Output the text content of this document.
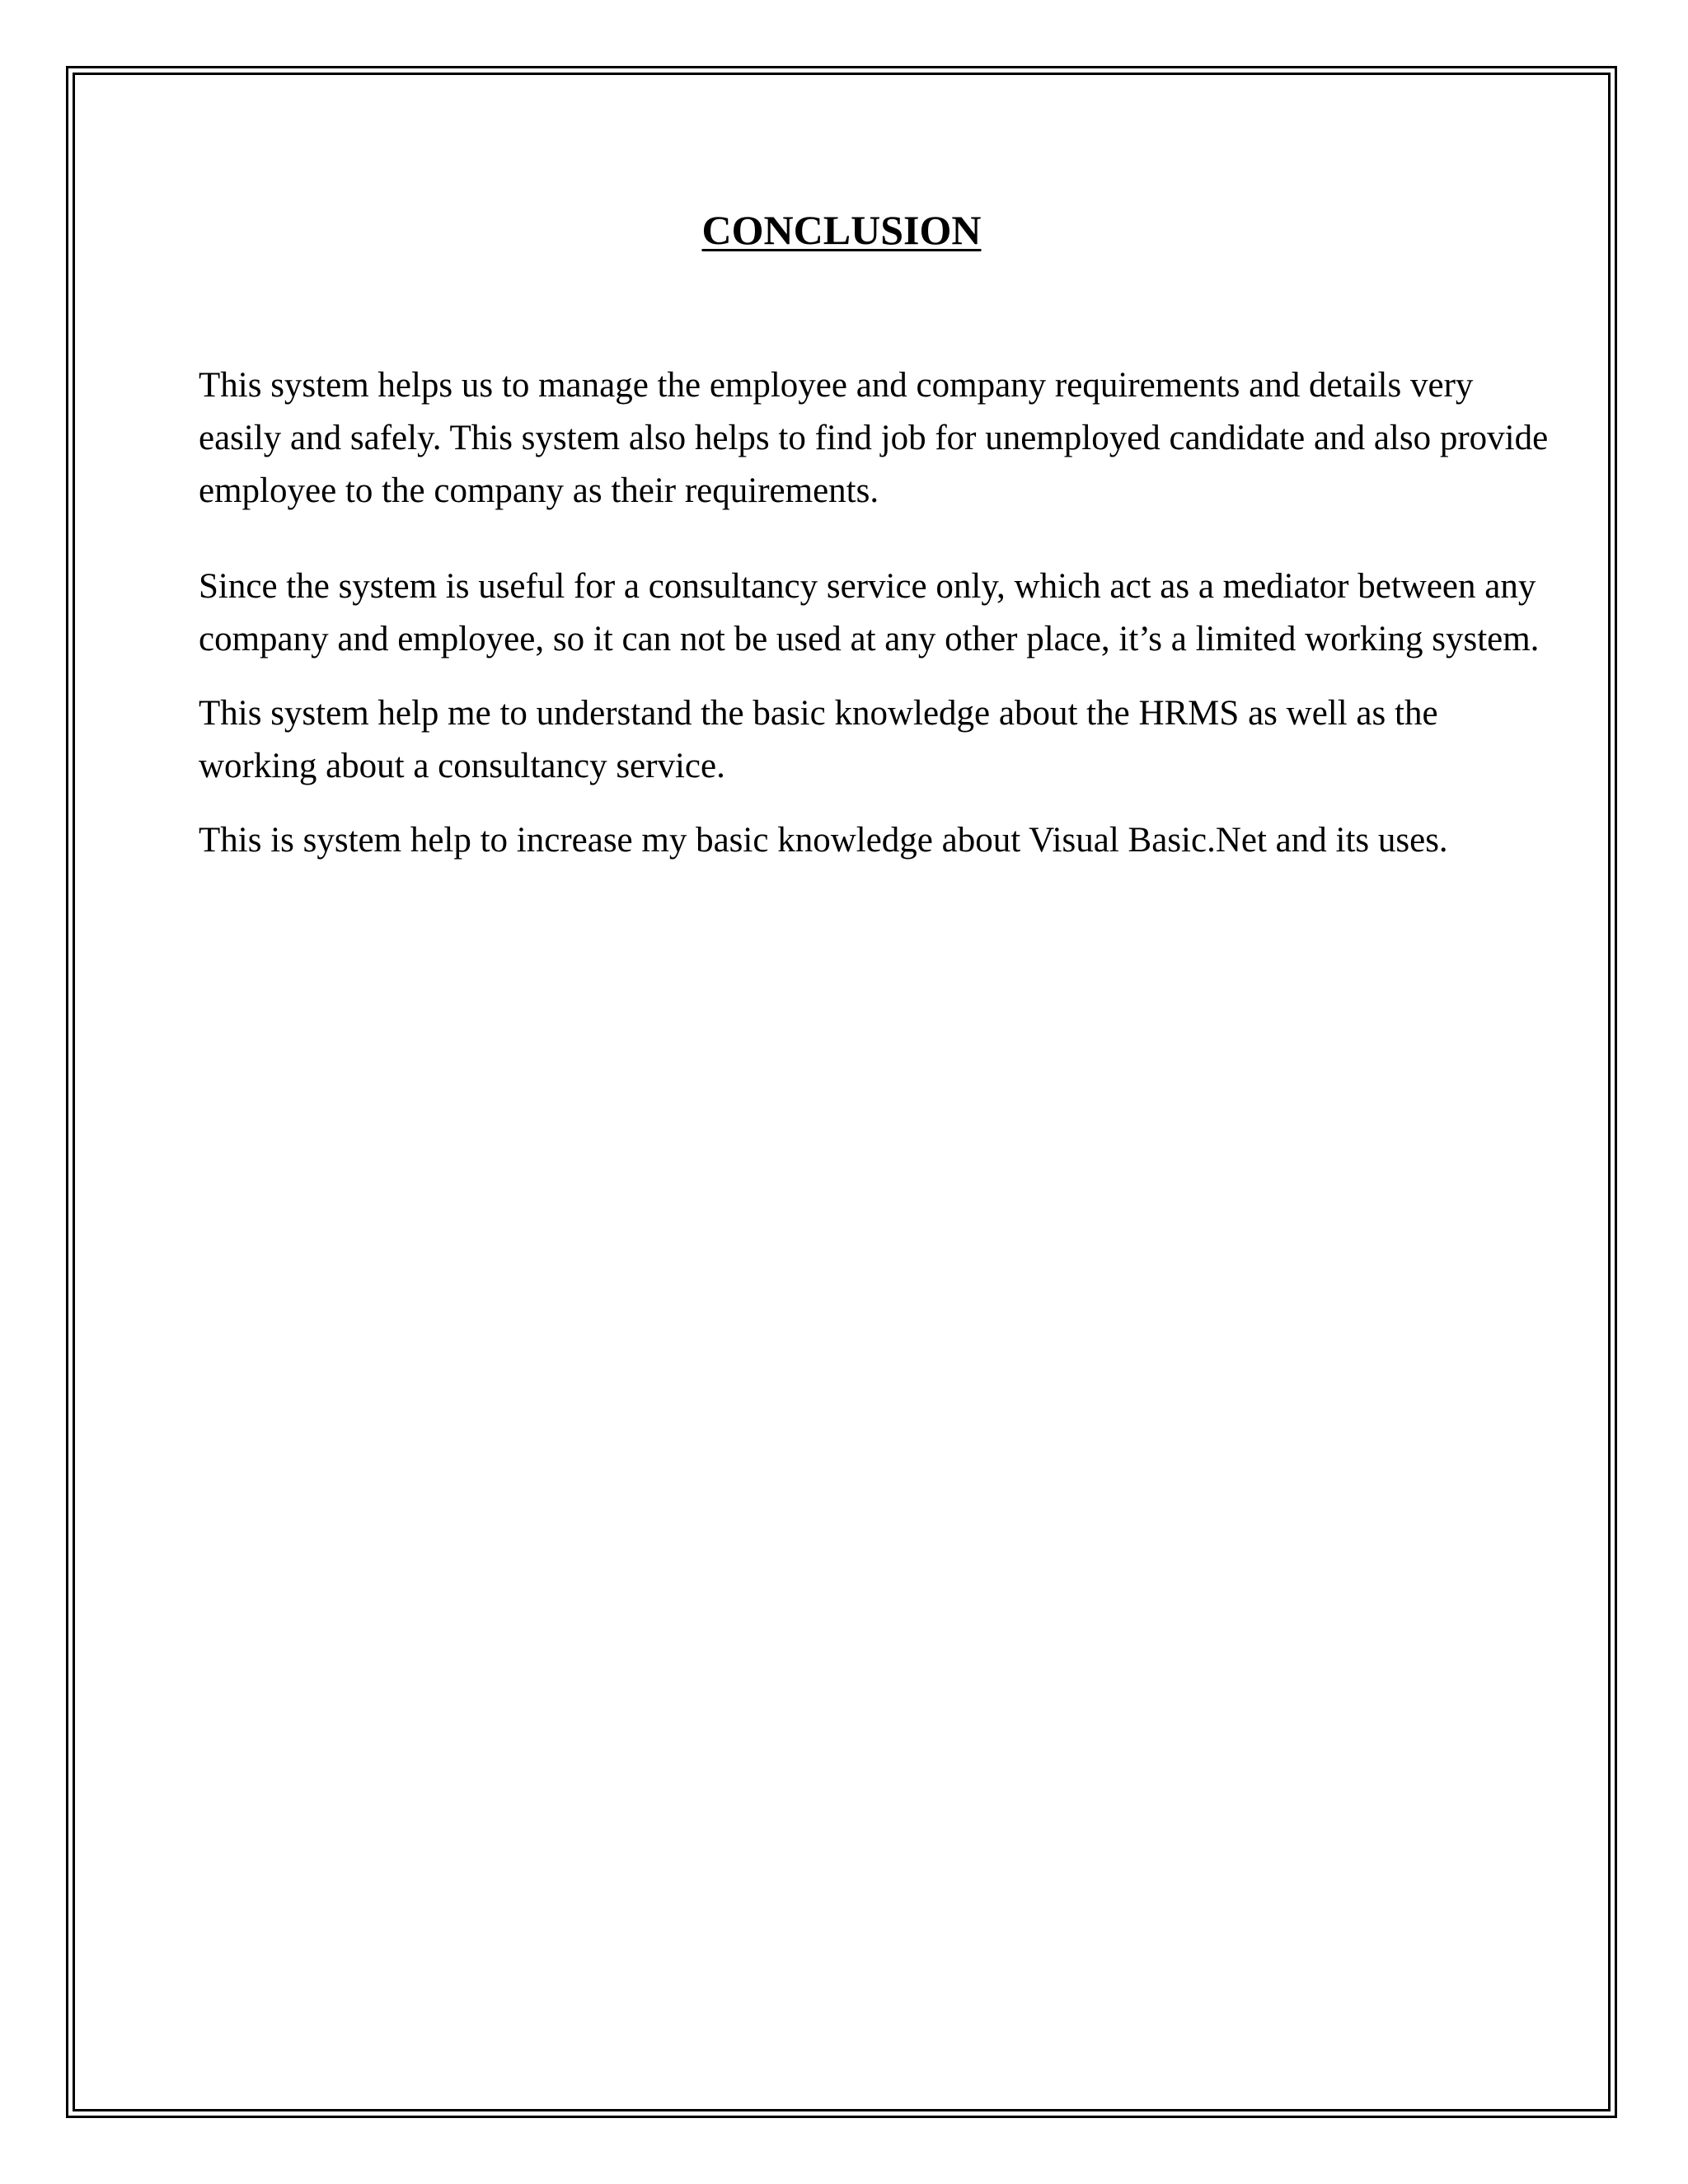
CONCLUSION

This system helps us to manage the employee and company requirements and details very easily and safely. This system also helps to find job for unemployed candidate and also provide employee to the company as their requirements.

Since the system is useful for a consultancy service only, which act as a mediator between any company and employee, so it can not be used at any other place, it’s a limited working system.

This system help me to understand the basic knowledge about the HRMS as well as the working about a consultancy service.

This is system help to increase my basic knowledge about Visual Basic.Net and its uses.
